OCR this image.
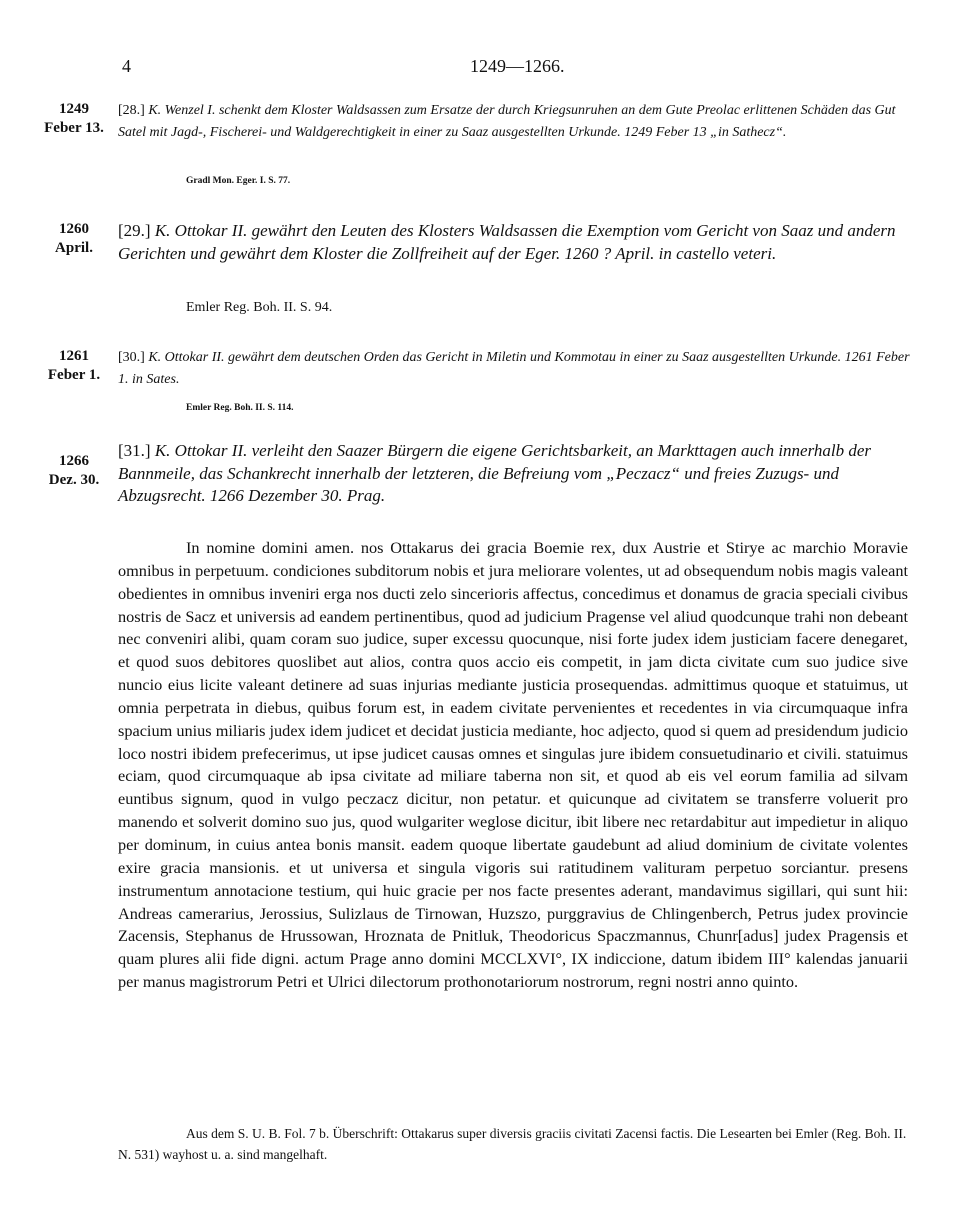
4	1249—1266.
1249
Feber 13.
[28.] K. Wenzel I. schenkt dem Kloster Waldsassen zum Ersatze der durch Kriegsunruhen an dem Gute Preolac erlittenen Schäden das Gut Satel mit Jagd-, Fischerei- und Waldgerechtigkeit in einer zu Saaz ausgestellten Urkunde. 1249 Feber 13 „in Sathecz“.
Gradl Mon. Eger. I. S. 77.
1260
April.
[29.] K. Ottokar II. gewährt den Leuten des Klosters Waldsassen die Exemption vom Gericht von Saaz und andern Gerichten und gewährt dem Kloster die Zollfreiheit auf der Eger. 1260 ? April. in castello veteri.
Emler Reg. Boh. II. S. 94.
1261
Feber 1.
[30.] K. Ottokar II. gewährt dem deutschen Orden das Gericht in Miletin und Kommotau in einer zu Saaz ausgestellten Urkunde. 1261 Feber 1. in Sates.
Emler Reg. Boh. II. S. 114.
1266
Dez. 30.
[31.] K. Ottokar II. verleiht den Saazer Bürgern die eigene Gerichtsbarkeit, an Markttagen auch innerhalb der Bannmeile, das Schankrecht innerhalb der letzteren, die Befreiung vom „Peczacz“ und freies Zuzugs- und Abzugsrecht. 1266 Dezember 30. Prag.

In nomine domini amen. nos Ottakarus dei gracia Boemie rex, dux Austrie et Stirye ac marchio Moravie omnibus in perpetuum. condiciones subditorum nobis et jura meliorare volentes, ut ad obsequendum nobis magis valeant obedientes in omnibus inveniri erga nos ducti zelo sincerioris affectus, concedimus et donamus de gracia speciali civibus nostris de Sacz et universis ad eandem pertinentibus, quod ad judicium Pragense vel aliud quodcunque trahi non debeant nec conveniri alibi, quam coram suo judice, super excessu quocunque, nisi forte judex idem justiciam facere denegaret, et quod suos debitores quoslibet aut alios, contra quos accio eis competit, in jam dicta civitate cum suo judice sive nuncio eius licite valeant detinere ad suas injurias mediante justicia prosequendas. admittimus quoque et statuimus, ut omnia perpetrata in diebus, quibus forum est, in eadem civitate pervenientes et recedentes in via circumquaque infra spacium unius miliaris judex idem judicet et decidat justicia mediante, hoc adjecto, quod si quem ad presidendum judicio loco nostri ibidem prefecerimus, ut ipse judicet causas omnes et singulas jure ibidem consuetudinario et civili. statuimus eciam, quod circumquaque ab ipsa civitate ad miliare taberna non sit, et quod ab eis vel eorum familia ad silvam euntibus signum, quod in vulgo peczacz dicitur, non petatur. et quicunque ad civitatem se transferre voluerit pro manendo et solverit domino suo jus, quod wulgariter weglose dicitur, ibit libere nec retardabitur aut impedietur in aliquo per dominum, in cuius antea bonis mansit. eadem quoque libertate gaudebunt ad aliud dominium de civitate volentes exire gracia mansionis. et ut universa et singula vigoris sui ratitudinem valituram perpetuo sorciantur. presens instrumentum annotacione testium, qui huic gracie per nos facte presentes aderant, mandavimus sigillari, qui sunt hii: Andreas camerarius, Jerossius, Sulizlaus de Tirnowan, Huzszo, purggravius de Chlingenberch, Petrus judex provincie Zacensis, Stephanus de Hrussowan, Hroznata de Pnitluk, Theodoricus Spaczmannus, Chunr[adus] judex Pragensis et quam plures alii fide digni. actum Prage anno domini MCCLXVI°, IX indiccione, datum ibidem III° kalendas januarii per manus magistrorum Petri et Ulrici dilectorum prothonotariorum nostrorum, regni nostri anno quinto.

Aus dem S. U. B. Fol. 7 b. Überschrift: Ottakarus super diversis graciis civitati Zacensi factis. Die Lesearten bei Emler (Reg. Boh. II. N. 531) wayhost u. a. sind mangelhaft.
